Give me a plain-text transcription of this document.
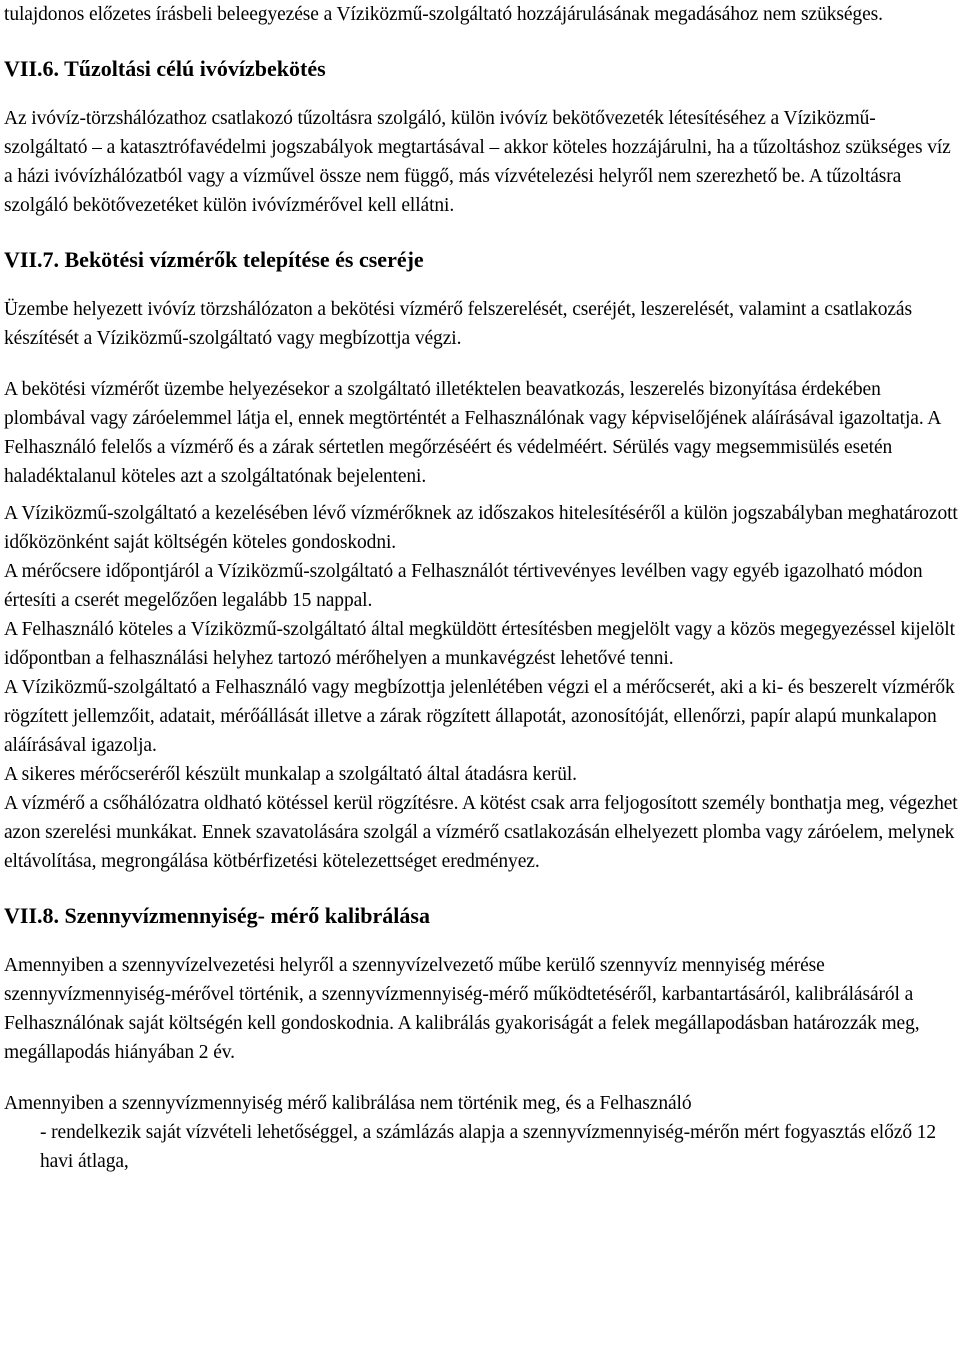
tulajdonos előzetes írásbeli beleegyezése a Víziközmű-szolgáltató hozzájárulásának megadásához nem szükséges.

VII.6. Tűzoltási célú ivóvízbekötés

Az ivóvíz-törzshálózathoz csatlakozó tűzoltásra szolgáló, külön ivóvíz bekötővezeték létesítéséhez a Víziközmű-szolgáltató – a katasztrófavédelmi jogszabályok megtartásával – akkor köteles hozzájárulni, ha a tűzoltáshoz szükséges víz a házi ivóvízhálózatból vagy a vízművel össze nem függő, más vízvételezési helyről nem szerezhető be. A tűzoltásra szolgáló bekötővezetéket külön ivóvízmérővel kell ellátni.

VII.7. Bekötési vízmérők telepítése és cseréje

Üzembe helyezett ivóvíz törzshálózaton a bekötési vízmérő felszerelését, cseréjét, leszerelését, valamint a csatlakozás készítését a Víziközmű-szolgáltató vagy megbízottja végzi.

A bekötési vízmérőt üzembe helyezésekor a szolgáltató illetéktelen beavatkozás, leszerelés bizonyítása érdekében plombával vagy záróelemmel látja el, ennek megtörténtét a Felhasználónak vagy képviselőjének aláírásával igazoltatja. A Felhasználó felelős a vízmérő és a zárak sértetlen megőrzéséért és védelméért. Sérülés vagy megsemmisülés esetén haladéktalanul köteles azt a szolgáltatónak bejelenteni.

A Víziközmű-szolgáltató a kezelésében lévő vízmérőknek az időszakos hitelesítéséről a külön jogszabályban meghatározott időközönként saját költségén köteles gondoskodni.

A mérőcsere időpontjáról a Víziközmű-szolgáltató a Felhasználót tértivevényes levélben vagy egyéb igazolható módon értesíti a cserét megelőzően legalább 15 nappal.

A Felhasználó köteles a Víziközmű-szolgáltató által megküldött értesítésben megjelölt vagy a közös megegyezéssel kijelölt időpontban a felhasználási helyhez tartozó mérőhelyen a munkavégzést lehetővé tenni.

A Víziközmű-szolgáltató a Felhasználó vagy megbízottja jelenlétében végzi el a mérőcserét, aki a ki- és beszerelt vízmérők rögzített jellemzőit, adatait, mérőállását illetve a zárak rögzített állapotát, azonosítóját, ellenőrzi, papír alapú munkalapon aláírásával igazolja.

A sikeres mérőcseréről készült munkalap a szolgáltató által átadásra kerül.

A vízmérő a csőhálózatra oldható kötéssel kerül rögzítésre. A kötést csak arra feljogosított személy bonthatja meg, végezhet azon szerelési munkákat. Ennek szavatolására szolgál a vízmérő csatlakozásán elhelyezett plomba vagy záróelem, melynek eltávolítása, megrongálása kötbérfizetési kötelezettséget eredményez.

VII.8. Szennyvízmennyiség- mérő kalibrálása

Amennyiben a szennyvízelvezetési helyről a szennyvízelvezető műbe kerülő szennyvíz mennyiség mérése szennyvízmennyiség-mérővel történik, a szennyvízmennyiség-mérő működtetéséről, karbantartásáról, kalibrálásáról a Felhasználónak saját költségén kell gondoskodnia. A kalibrálás gyakoriságát a felek megállapodásban határozzák meg, megállapodás hiányában 2 év.

Amennyiben a szennyvízmennyiség mérő kalibrálása nem történik meg, és a Felhasználó

- rendelkezik saját vízvételi lehetőséggel, a számlázás alapja a szennyvízmennyiség-mérőn mért fogyasztás előző 12 havi átlaga,
